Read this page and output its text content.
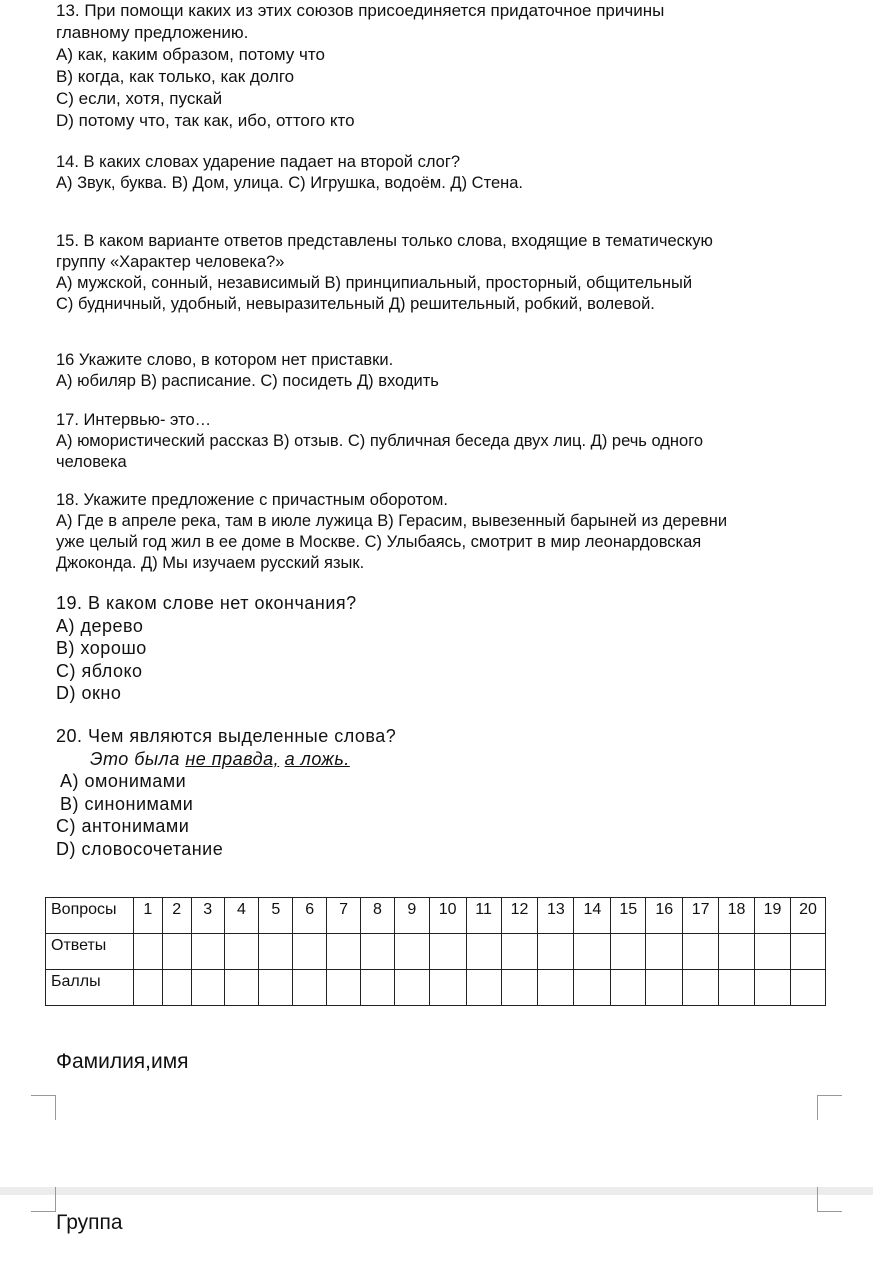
13. При помощи каких из этих союзов присоединяется придаточное причины
главному предложению.
А) как, каким образом, потому что
В) когда, как только, как долго
С) если, хотя, пускай
D) потому что, так как, ибо, оттого кто
14. В каких словах ударение падает на второй слог?
А) Звук, буква. В) Дом, улица. С) Игрушка, водоём. Д) Стена.
15. В каком варианте ответов представлены только слова, входящие в тематическую
группу «Характер человека?»
А) мужской, сонный, независимый В) принципиальный, просторный, общительный
С) будничный, удобный, невыразительный Д) решительный, робкий, волевой.
16 Укажите слово, в котором нет приставки.
А) юбиляр В) расписание. С) посидеть Д) входить
17. Интервью- это…
А) юмористический рассказ В) отзыв. С) публичная беседа двух лиц. Д) речь одного
человека
18. Укажите предложение с причастным оборотом.
А) Где в апреле река, там в июле лужица В) Герасим, вывезенный барыней из деревни
уже целый год жил в ее доме в Москве. С) Улыбаясь, смотрит в мир леонардовская
Джоконда. Д) Мы изучаем русский язык.
19. В каком слове нет окончания?
А) дерево
В) хорошо
С) яблоко
D) окно
20. Чем являются выделенные слова?
Это была не правда, а ложь.
А) омонимами
В) синонимами
С) антонимами
D) словосочетание
Вопросы	1	2	3	4	5	6	7	8	9	10	11	12	13	14	15	16	17	18	19	20
Ответы																				
Баллы																				
Фамилия,имя
Группа
